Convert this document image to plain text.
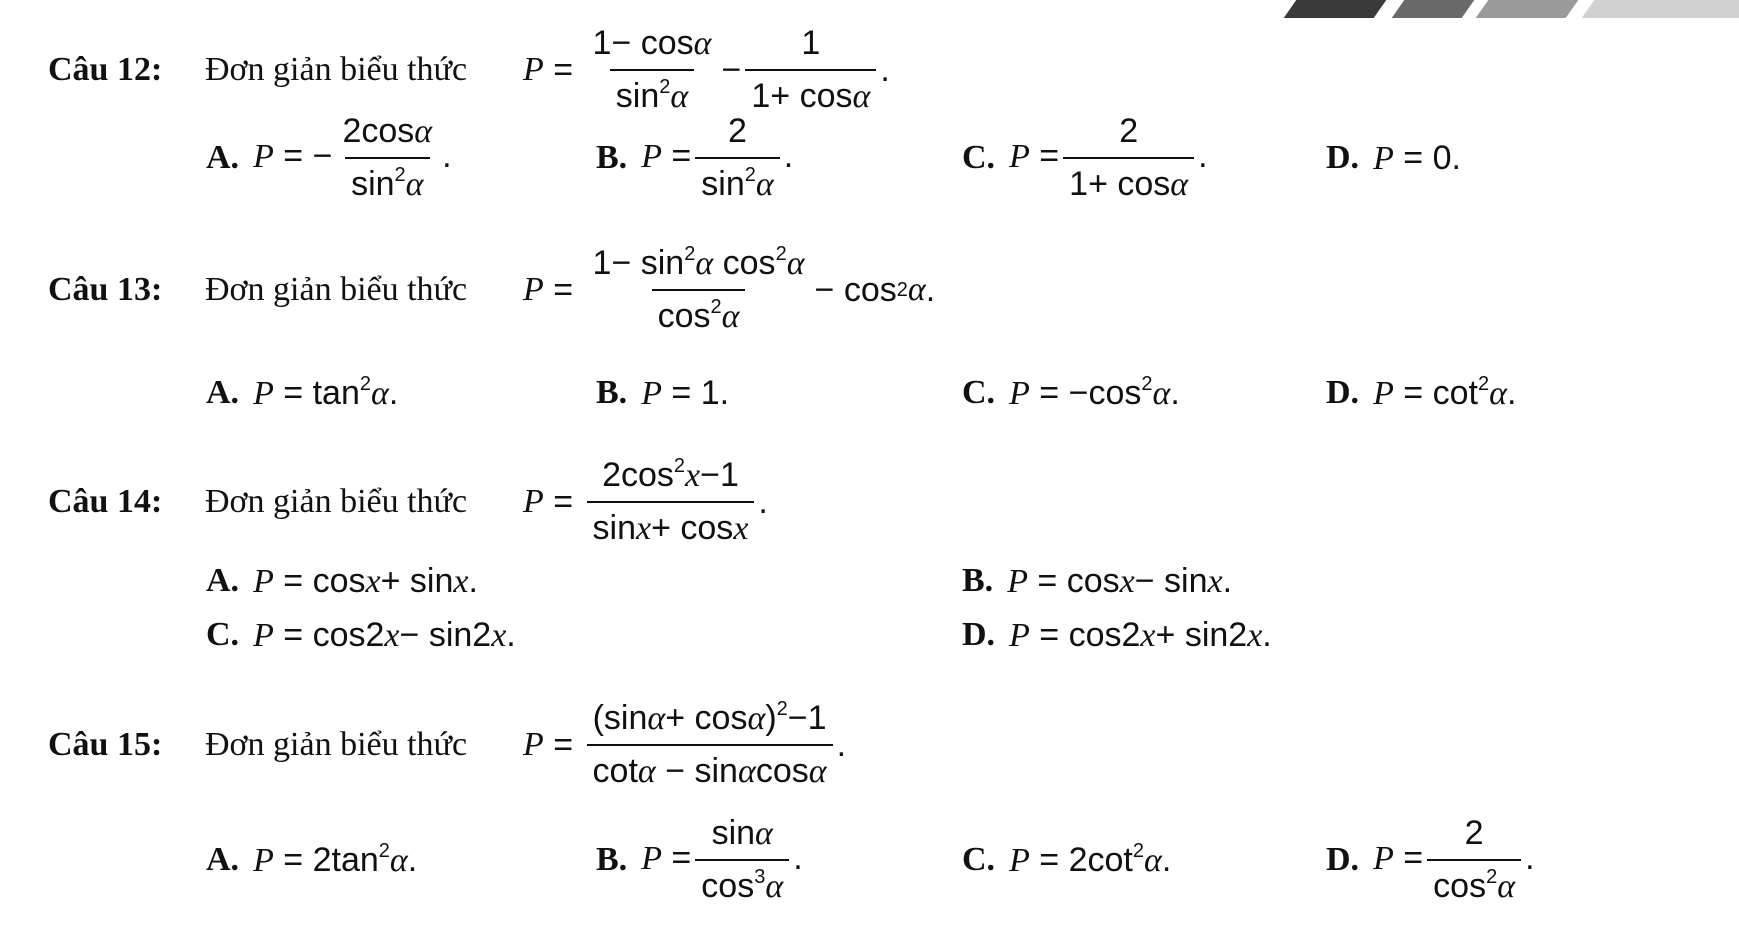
Câu 12: Đơn giản biểu thức $P = \frac{1- \cos\alpha}{\sin^2\alpha} - \frac{1}{1+ \cos\alpha}$ .
A. P = − $\frac{2\cos\alpha}{\sin^2\alpha}$ .	B. $P = \frac{2}{\sin^2\alpha}$ .	C. $P = \frac{2}{1+ \cos\alpha}$ .	D. P = 0.
Câu 13: Đơn giản biểu thức $P = \frac{1- \sin^2\alpha \cos^2\alpha}{\cos^2\alpha} - \cos 2$ α .
A. $P = \tan^2\alpha$.	B. P = 1.	C. $P = -\cos^2\alpha$.	D. $P = \cot^2\alpha$.
Câu 14: Đơn giản biểu thức $P = \frac{2\cos^2x-1}{\sin x+ \cos x}$ .
A. P = cosx+ sinx.	B. P = cosx− sinx.
C. P = cos2x− sin2x.	D. P = cos2x+ sin2x.
Câu 15: Đơn giản biểu thức $P = \frac{(\sin\alpha+ \cos\alpha)^2-1}{\cot\alpha - \sin\alpha\cos\alpha}$ .
A. $P = 2\tan^2\alpha$.	B. $P = \frac{\sin\alpha}{\cos^3\alpha}$ .	C. $P = 2\cot^2\alpha$.	D. $P = \frac{2}{\cos^2\alpha}$ .
